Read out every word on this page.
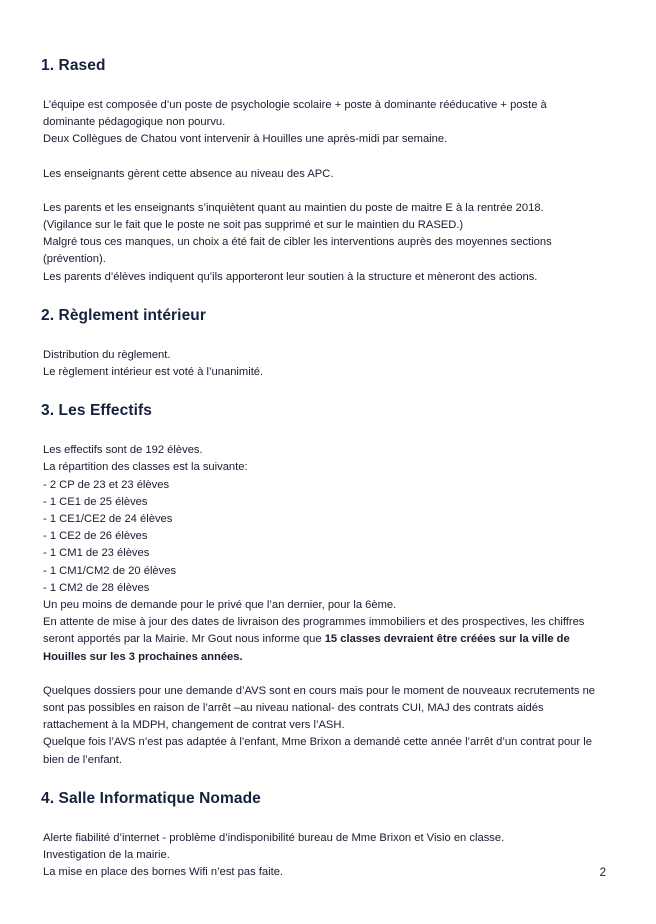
1. Rased

L’équipe est composée d’un poste de psychologie scolaire + poste à dominante rééducative + poste à dominante pédagogique non pourvu.
Deux Collègues de Chatou vont intervenir à Houilles une après-midi par semaine.

Les enseignants gèrent cette absence au niveau des APC.

Les parents et les enseignants s’inquiètent quant au maintien du poste de maitre E à la rentrée 2018.
(Vigilance sur le fait que le poste ne soit pas supprimé et sur le maintien du RASED.)
Malgré tous ces manques, un choix a été fait de cibler les interventions auprès des moyennes sections (prévention).
Les parents d’élèves indiquent qu’ils apporteront leur soutien à la structure et mèneront des actions.

2. Règlement intérieur

Distribution du règlement.
Le règlement intérieur est voté à l’unanimité.

3. Les Effectifs

Les effectifs sont de 192 élèves.
La répartition des classes est la suivante:

- 2 CP de 23 et 23 élèves
- 1 CE1 de 25 élèves
- 1 CE1/CE2 de 24 élèves
- 1 CE2 de 26 élèves
- 1 CM1 de 23 élèves
- 1 CM1/CM2 de 20 élèves
- 1 CM2 de 28 élèves

Un peu moins de demande pour le privé que l’an dernier, pour la 6ème.

En attente de mise à jour des dates de livraison des programmes immobiliers et des prospectives, les chiffres seront apportés par la Mairie. Mr Gout nous informe que 15 classes devraient être créées sur la ville de Houilles sur les 3 prochaines années.

Quelques dossiers pour une demande d’AVS sont en cours mais pour le moment de nouveaux recrutements ne sont pas possibles en raison de l’arrêt –au niveau national- des contrats CUI, MAJ des contrats aidés rattachement à la MDPH, changement de contrat vers l’ASH.
Quelque fois l’AVS n’est pas adaptée à l’enfant, Mme Brixon a demandé cette année l’arrêt d’un contrat pour le bien de l’enfant.

4. Salle Informatique Nomade

Alerte fiabilité d’internet - problème d’indisponibilité bureau de Mme Brixon et Visio en classe.
Investigation de la mairie.
La mise en place des bornes Wifi n’est pas faite.	2
